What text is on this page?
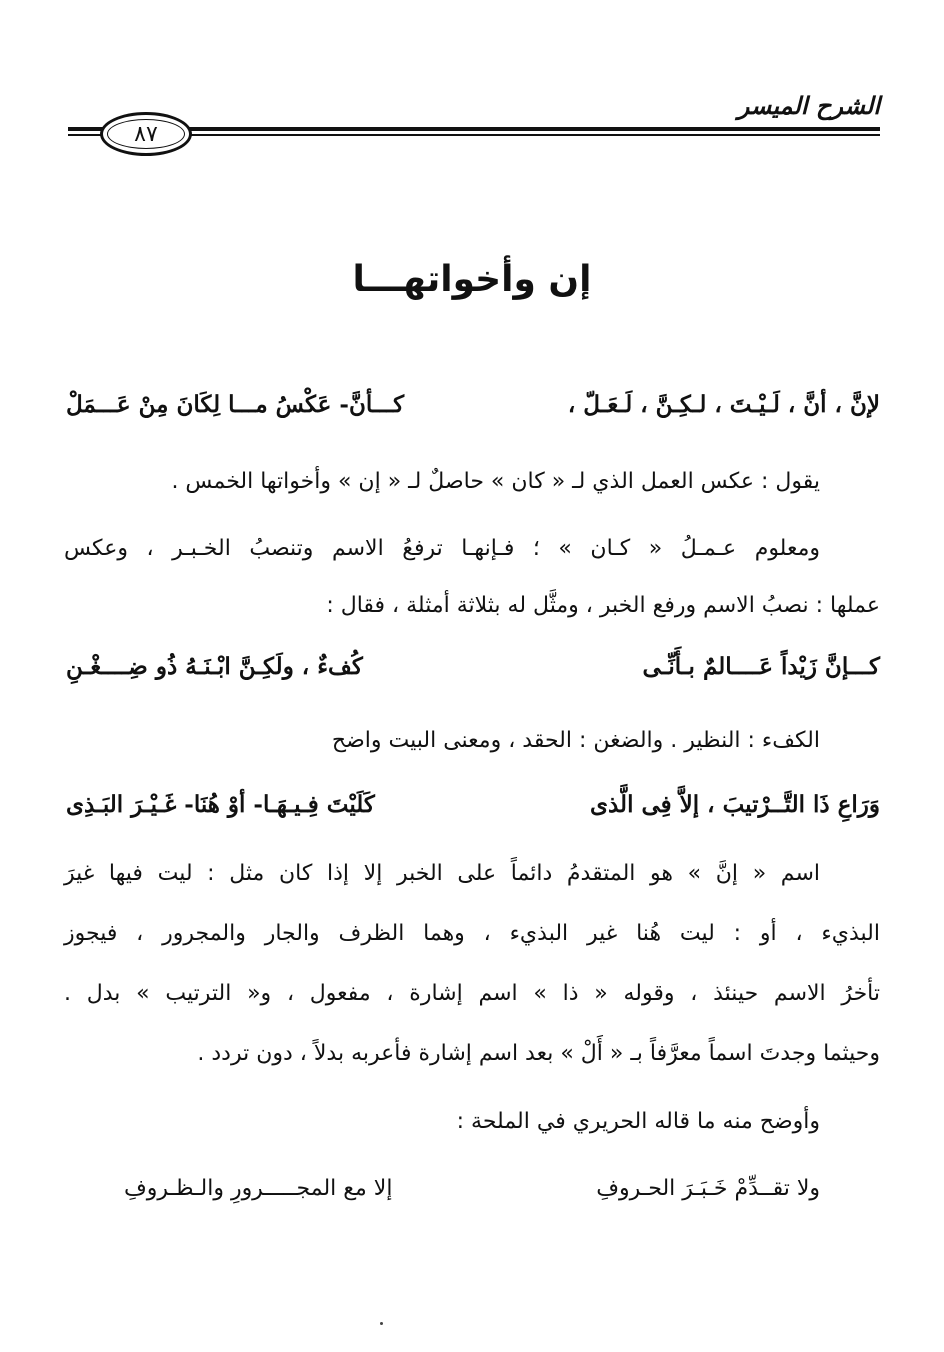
الشرح الميسر
٨٧
إن وأخواتهـــا
لإنَّ ، أنَّ ، لَـيْـتَ ، لـكِـنَّ ، لَـعَـلّ ،
كـــأنَّ- عَكْسُ مـــا لِكَانَ مِنْ عَـــمَلْ
يقول : عكس العمل الذي لـ « كان » حاصلٌ لـ « إن » وأخواتها الخمس .
ومعلوم عـمـلُ « كـان » ؛ فـإنهـا ترفعُ الاسم وتنصبُ الخـبـر ، وعكس
عملها : نصبُ الاسم ورفع الخبر ، ومثَّل له بثلاثة أمثلة ، فقال :
كـــإنَّ زَيْداً عَــــالمٌ بـأَنِّـى
كُفءٌ ، ولَكِـنَّ ابْـنَـهُ ذُو ضِــــغْـنِ
الكفء : النظير . والضغن : الحقد ، ومعنى البيت واضح
وَرَاعِ ذَا التَّــرْتيبَ ، إلاَّ فِى الَّذى
كَلَيْتَ فِـيـهَـا- أوْ هُنَا- غَـيْـرَ البَـذِى
اسم « إنَّ » هو المتقدمُ دائماً على الخبر إلا إذا كان مثل : ليت فيها غيرَ
البذيء ، أو : ليت هُنا غير البذيء ، وهما الظرف والجار والمجرور ، فيجوز
تأخرُ الاسم حينئذ ، وقوله « ذا » اسم إشارة ، مفعول ، و« الترتيب » بدل .
وحيثما وجدتَ اسماً معرَّفاً بـ « أَلْ » بعد اسم إشارة فأعربه بدلاً ، دون تردد .
وأوضح منه ما قاله الحريري في الملحة :
ولا تقــدِّمْ خَـبَـرَ الحـروفِ
إلا مع المجـــــرورِ والـظـروفِ
